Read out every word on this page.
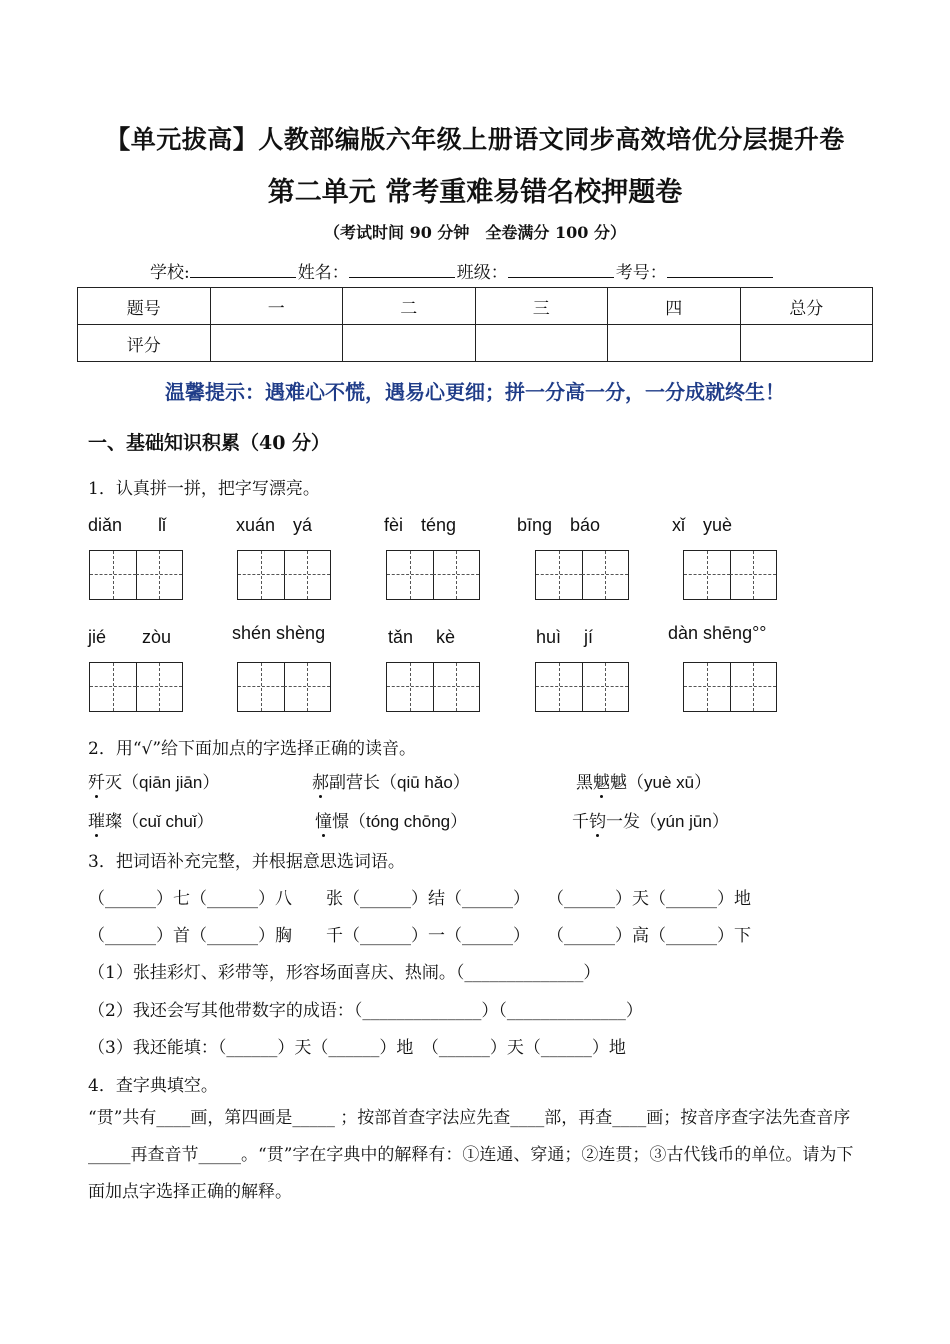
【单元拔高】人教部编版六年级上册语文同步高效培优分层提升卷
第二单元 常考重难易错名校押题卷
（考试时间 90 分钟　全卷满分 100 分）
学校:	姓名：	班级：	考号：
题号	一	二	三	四	总分
评分					
温馨提示：遇难心不慌，遇易心更细；拼一分高一分，一分成就终生！
一、基础知识积累（40 分）
1．认真拼一拼，把字写漂亮。
diǎn　　lǐ	xuán　yá	fèi　téng	bīng　báo	xǐ　yuè
jié　　zòu	shén shèng	tǎn　 kè	huì　 jí	dàn shēng°°
2．用“√”给下面加点的字选择正确的读音。
歼灭（qiān jiān）	郝副营长（qiū hǎo）	黑魆魆（yuè xū）
璀璨（cuǐ chuǐ）	憧憬（tóng chōng）	千钧一发（yún jūn）
3．把词语补充完整，并根据意思选词语。
（______）七（______）八　　张（______）结（______）　　（______）天（______）地
（______）首（______）胸　　千（______）一（______）　　（______）高（______）下
（1）张挂彩灯、彩带等，形容场面喜庆、热闹。（______________）
（2）我还会写其他带数字的成语：（______________）（______________）
（3）我还能填：（______）天（______）地　（______）天（______）地
4．查字典填空。
“贯”共有____画，第四画是_____ ；按部首查字法应先查____部，再查____画；按音序查字法先查音序_____再查音节_____。“贯”字在字典中的解释有：①连通、穿通；②连贯；③古代钱币的单位。请为下面加点字选择正确的解释。
